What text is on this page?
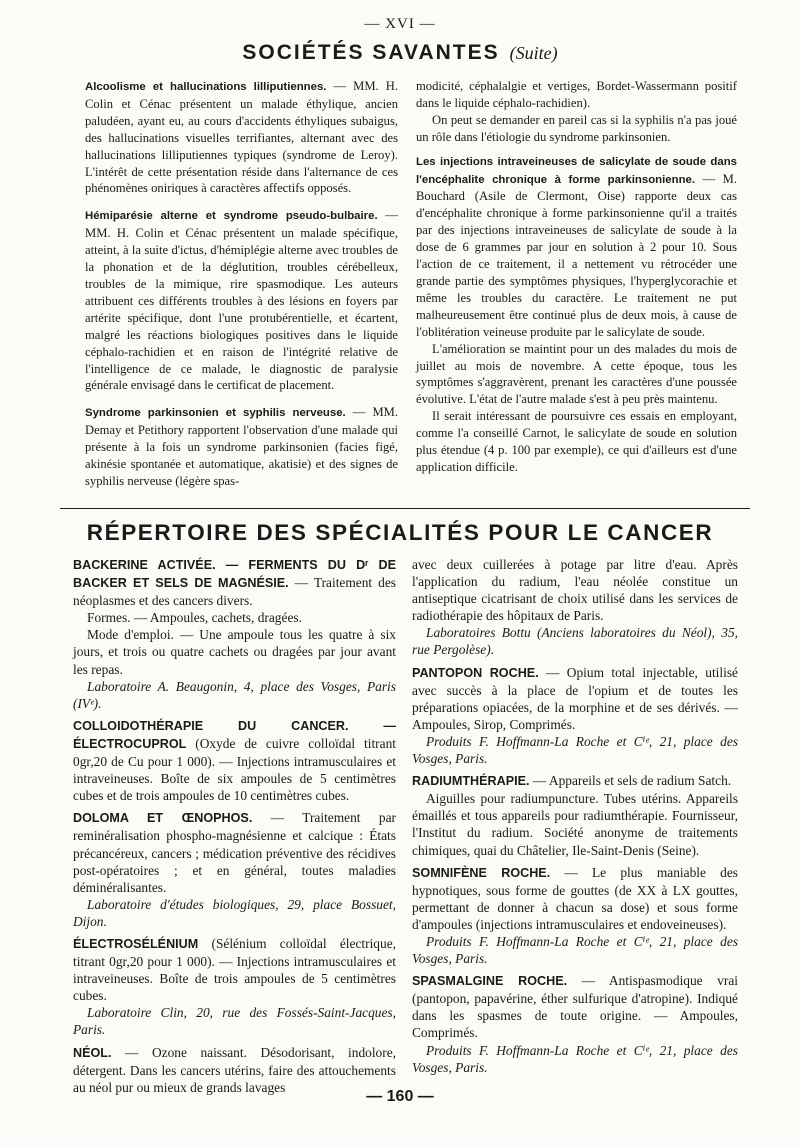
— XVI —
SOCIÉTÉS SAVANTES (Suite)

Alcoolisme et hallucinations lilliputiennes. — MM. H. Colin et Cénac présentent un malade éthylique, ancien paludéen, ayant eu, au cours d'accidents éthyliques subaigus, des hallucinations visuelles terrifiantes, alternant avec des hallucinations lilliputiennes typiques (syndrome de Leroy). L'intérêt de cette présentation réside dans l'alternance de ces phénomènes oniriques à caractères affectifs opposés.

Hémiparésie alterne et syndrome pseudo-bulbaire. — MM. H. Colin et Cénac présentent un malade spécifique, atteint, à la suite d'ictus, d'hémiplégie alterne avec troubles de la phonation et de la déglutition, troubles cérébelleux, troubles de la mimique, rire spasmodique. Les auteurs attribuent ces différents troubles à des lésions en foyers par artérite spécifique, dont l'une protubérentielle, et écartent, malgré les réactions biologiques positives dans le liquide céphalo-rachidien et en raison de l'intégrité relative de l'intelligence de ce malade, le diagnostic de paralysie générale envisagé dans le certificat de placement.

Syndrome parkinsonien et syphilis nerveuse. — MM. Demay et Petithory rapportent l'observation d'une malade qui présente à la fois un syndrome parkinsonien (facies figé, akinésie spontanée et automatique, akatisie) et des signes de syphilis nerveuse (légère spas-

modicité, céphalalgie et vertiges, Bordet-Wassermann positif dans le liquide céphalo-rachidien).

On peut se demander en pareil cas si la syphilis n'a pas joué un rôle dans l'étiologie du syndrome parkinsonien.

Les injections intraveineuses de salicylate de soude dans l'encéphalite chronique à forme parkinsonienne. — M. Bouchard (Asile de Clermont, Oise) rapporte deux cas d'encéphalite chronique à forme parkinsonienne qu'il a traités par des injections intraveineuses de salicylate de soude à la dose de 6 grammes par jour en solution à 2 pour 10. Sous l'action de ce traitement, il a nettement vu rétrocéder une grande partie des symptômes physiques, l'hyperglycorachie et même les troubles du caractère. Le traitement ne put malheureusement être continué plus de deux mois, à cause de l'oblitération veineuse produite par le salicylate de soude.

L'amélioration se maintint pour un des malades du mois de juillet au mois de novembre. A cette époque, tous les symptômes s'aggravèrent, prenant les caractères d'une poussée évolutive. L'état de l'autre malade s'est à peu près maintenu.

Il serait intéressant de poursuivre ces essais en employant, comme l'a conseillé Carnot, le salicylate de soude en solution plus étendue (4 p. 100 par exemple), ce qui d'ailleurs est d'une application difficile.

RÉPERTOIRE DES SPÉCIALITÉS POUR LE CANCER

BACKERINE ACTIVÉE. — FERMENTS DU Dʳ DE BACKER ET SELS DE MAGNÉSIE. — Traitement des néoplasmes et des cancers divers.

Formes. — Ampoules, cachets, dragées.

Mode d'emploi. — Une ampoule tous les quatre à six jours, et trois ou quatre cachets ou dragées par jour avant les repas.

Laboratoire A. Beaugonin, 4, place des Vosges, Paris (IVᵉ).

COLLOIDOTHÉRAPIE DU CANCER. — ÉLECTROCUPROL (Oxyde de cuivre colloïdal titrant 0gr,20 de Cu pour 1 000). — Injections intramusculaires et intraveineuses. Boîte de six ampoules de 5 centimètres cubes et de trois ampoules de 10 centimètres cubes.

DOLOMA ET ŒNOPHOS. — Traitement par reminéralisation phospho-magnésienne et calcique : États précancéreux, cancers ; médication préventive des récidives post-opératoires ; et en général, toutes maladies déminéralisantes.

Laboratoire d'études biologiques, 29, place Bossuet, Dijon.

ÉLECTROSÉLÉNIUM (Sélénium colloïdal électrique, titrant 0gr,20 pour 1 000). — Injections intramusculaires et intraveineuses. Boîte de trois ampoules de 5 centimètres cubes.

Laboratoire Clin, 20, rue des Fossés-Saint-Jacques, Paris.

NÉOL. — Ozone naissant. Désodorisant, indolore, détergent. Dans les cancers utérins, faire des attouchements au néol pur ou mieux de grands lavages

avec deux cuillerées à potage par litre d'eau. Après l'application du radium, l'eau néolée constitue un antiseptique cicatrisant de choix utilisé dans les services de radiothérapie des hôpitaux de Paris.

Laboratoires Bottu (Anciens laboratoires du Néol), 35, rue Pergolèse).

PANTOPON ROCHE. — Opium total injectable, utilisé avec succès à la place de l'opium et de toutes les préparations opiacées, de la morphine et de ses dérivés. — Ampoules, Sirop, Comprimés.

Produits F. Hoffmann-La Roche et Cⁱᵉ, 21, place des Vosges, Paris.

RADIUMTHÉRAPIE. — Appareils et sels de radium Satch.

Aiguilles pour radiumpuncture. Tubes utérins. Appareils émaillés et tous appareils pour radiumthérapie. Fournisseur, l'Institut du radium. Société anonyme de traitements chimiques, quai du Châtelier, Ile-Saint-Denis (Seine).

SOMNIFÈNE ROCHE. — Le plus maniable des hypnotiques, sous forme de gouttes (de XX à LX gouttes, permettant de donner à chacun sa dose) et sous forme d'ampoules (injections intramusculaires et endoveineuses).

Produits F. Hoffmann-La Roche et Cⁱᵉ, 21, place des Vosges, Paris.

SPASMALGINE ROCHE. — Antispasmodique vrai (pantopon, papavérine, éther sulfurique d'atropine). Indiqué dans les spasmes de toute origine. — Ampoules, Comprimés.

Produits F. Hoffmann-La Roche et Cⁱᵉ, 21, place des Vosges, Paris.

— 160 —
